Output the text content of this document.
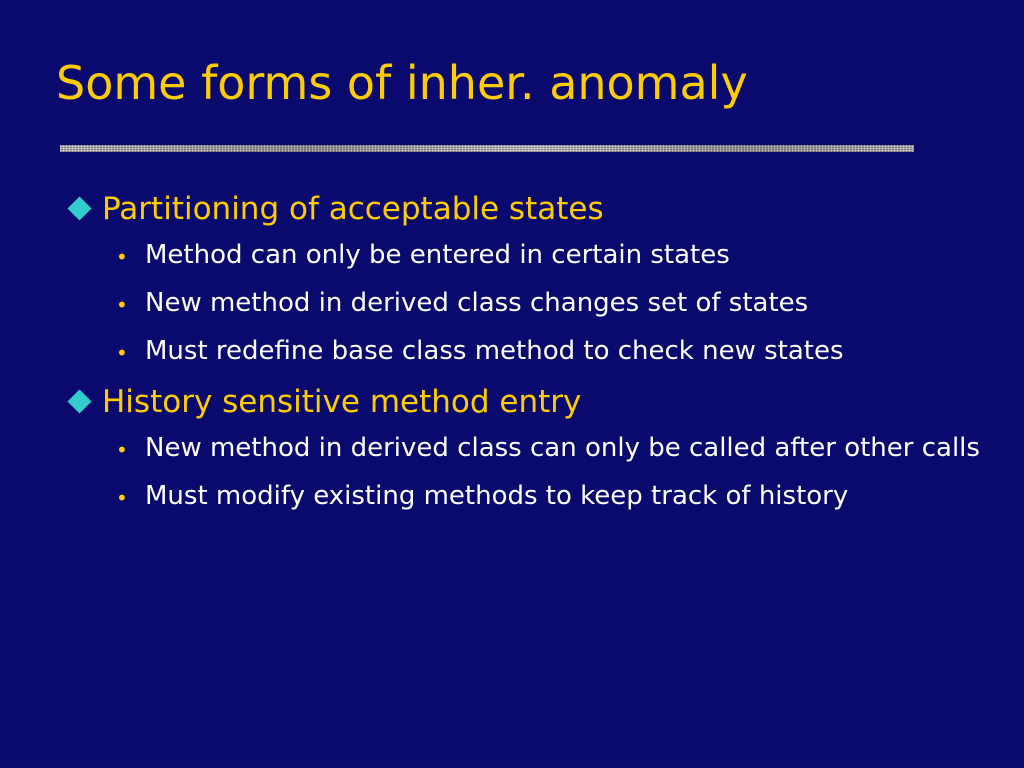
Some forms of inher. anomaly
Partitioning of acceptable states
• Method can only be entered in certain states
• New method in derived class changes set of states
• Must redefine base class method to check new states
History sensitive method entry
• New method in derived class can only be called after other calls
• Must modify existing methods to keep track of history
